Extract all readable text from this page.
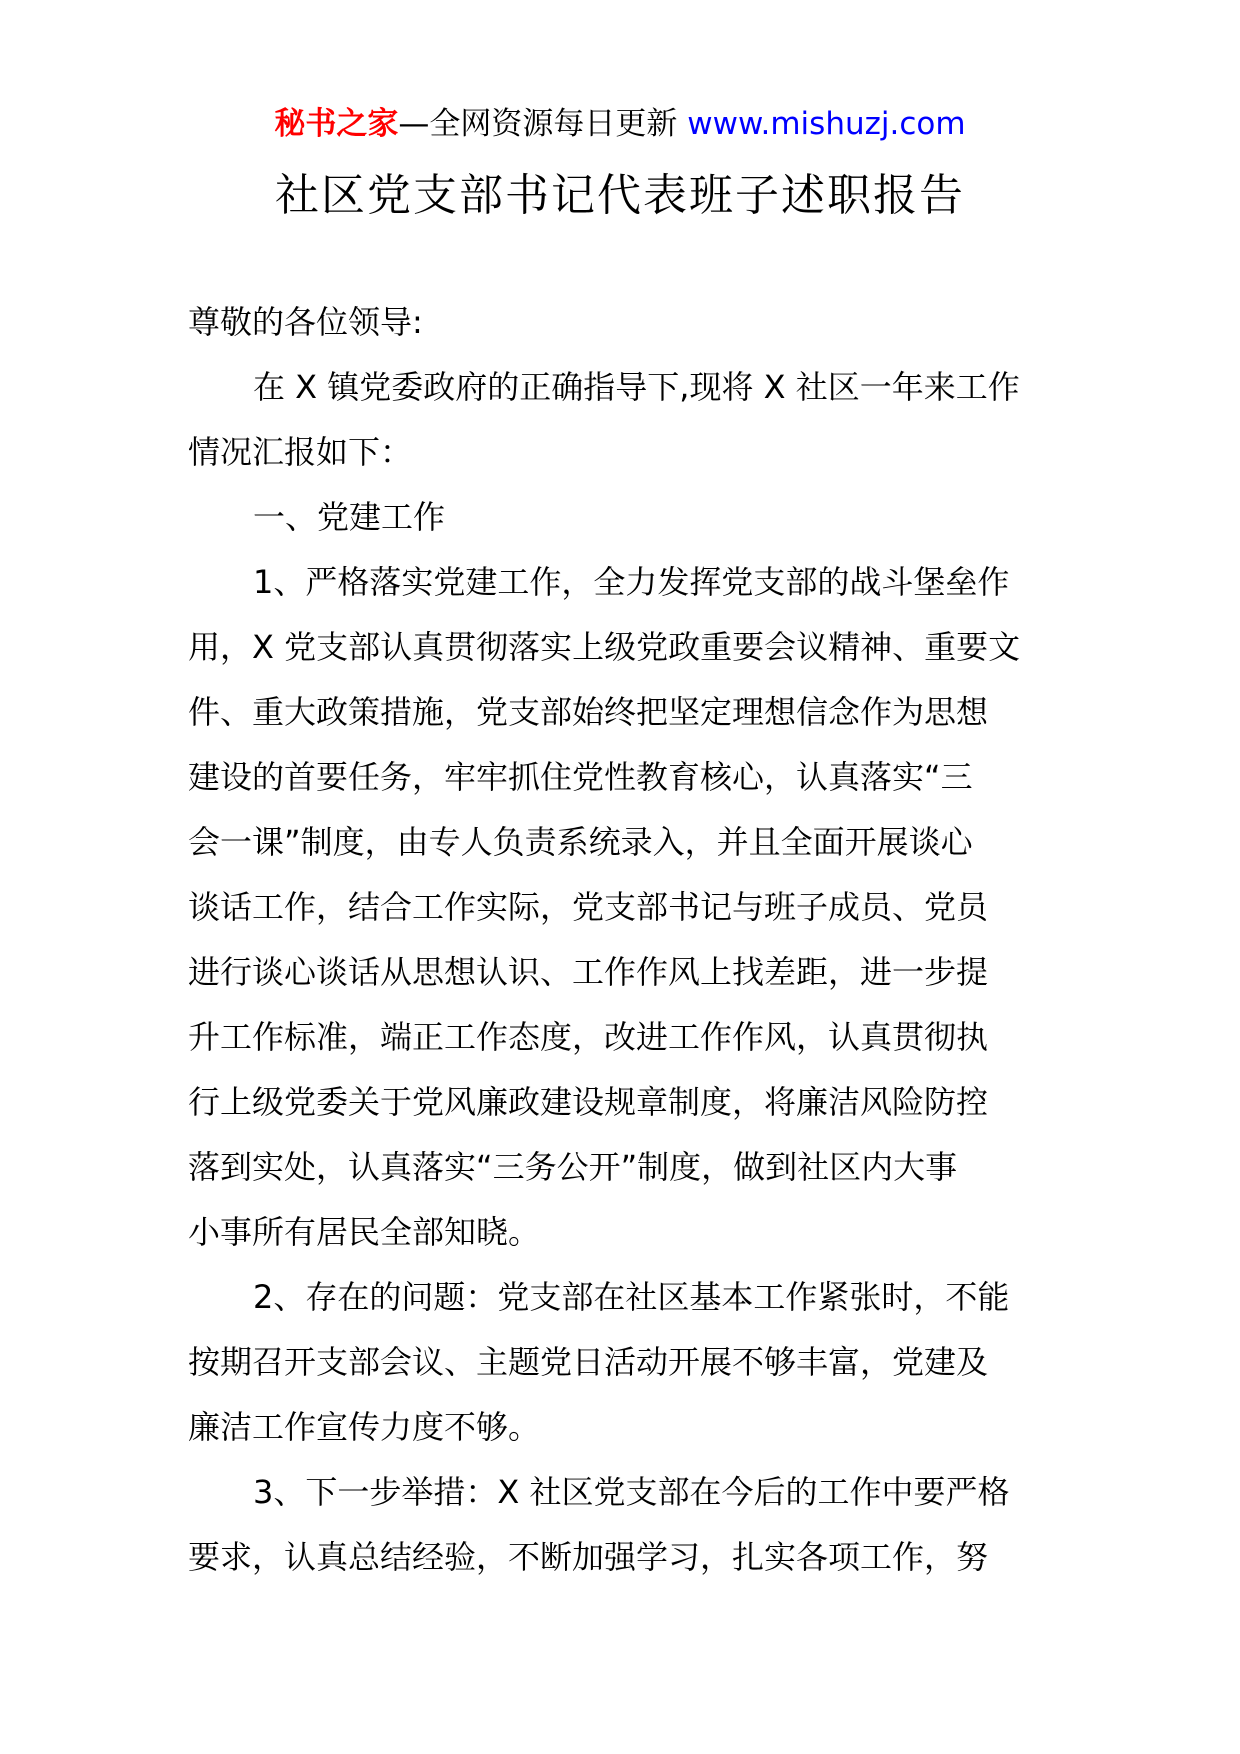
秘书之家—全网资源每日更新 www.mishuzj.com
社区党支部书记代表班子述职报告
尊敬的各位领导:
在 X 镇党委政府的正确指导下,现将 X 社区一年来工作
情况汇报如下：
一、党建工作
1、严格落实党建工作，全力发挥党支部的战斗堡垒作
用，X 党支部认真贯彻落实上级党政重要会议精神、重要文
件、重大政策措施，党支部始终把坚定理想信念作为思想
建设的首要任务，牢牢抓住党性教育核心，认真落实“三
会一课”制度，由专人负责系统录入，并且全面开展谈心
谈话工作，结合工作实际，党支部书记与班子成员、党员
进行谈心谈话从思想认识、工作作风上找差距，进一步提
升工作标准，端正工作态度，改进工作作风，认真贯彻执
行上级党委关于党风廉政建设规章制度，将廉洁风险防控
落到实处，认真落实“三务公开”制度，做到社区内大事
小事所有居民全部知晓。
2、存在的问题：党支部在社区基本工作紧张时，不能
按期召开支部会议、主题党日活动开展不够丰富，党建及
廉洁工作宣传力度不够。
3、下一步举措：X 社区党支部在今后的工作中要严格
要求，认真总结经验，不断加强学习，扎实各项工作，努
